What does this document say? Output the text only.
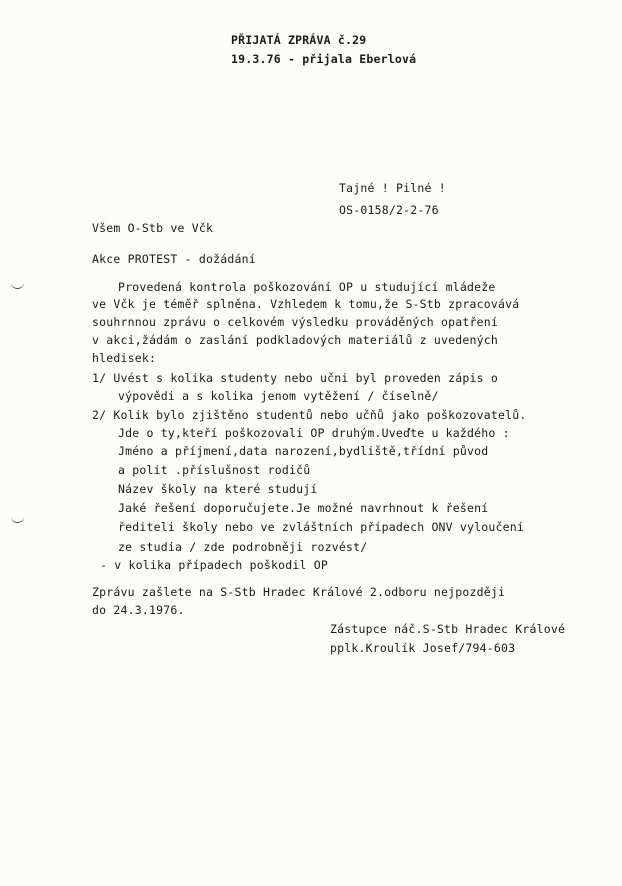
PŘIJATÁ ZPRÁVA č.29
19.3.76 - přijala Eberlová
Tajné ! Pilné !
OS-0158/2-2-76
Všem O-Stb ve Včk
Akce PROTEST - dožádání
Provedená kontrola poškozování OP u studující mládeže
ve Včk je téměř splněna. Vzhledem k tomu,že S-Stb zpracovává
souhrnnou zprávu o celkovém výsledku prováděných opatření
v akci,žádám o zaslání podkladových materiálů z uvedených
hledisek:
1/ Uvést s kolika studenty nebo učni byl proveden zápis o
výpovědi a s kolika jenom vytěžení / číselně/
2/ Kolik bylo zjištěno studentů nebo učňů jako poškozovatelů.
Jde o ty,kteří poškozovali OP druhým.Uveďte u každého :
Jméno a příjmení,data narození,bydliště,třídní původ
a polit .příslušnost rodičů
Název školy na které studují
Jaké řešení doporučujete.Je možné navrhnout k řešení
řediteli školy nebo ve zvláštních případech ONV vyloučení
ze studia / zde podrobněji rozvést/
- v kolika případech poškodil OP
Zprávu zašlete na S-Stb Hradec Králové 2.odboru nejpozději
do 24.3.1976.
Zástupce náč.S-Stb Hradec Králové
pplk.Kroulík Josef/794-603
